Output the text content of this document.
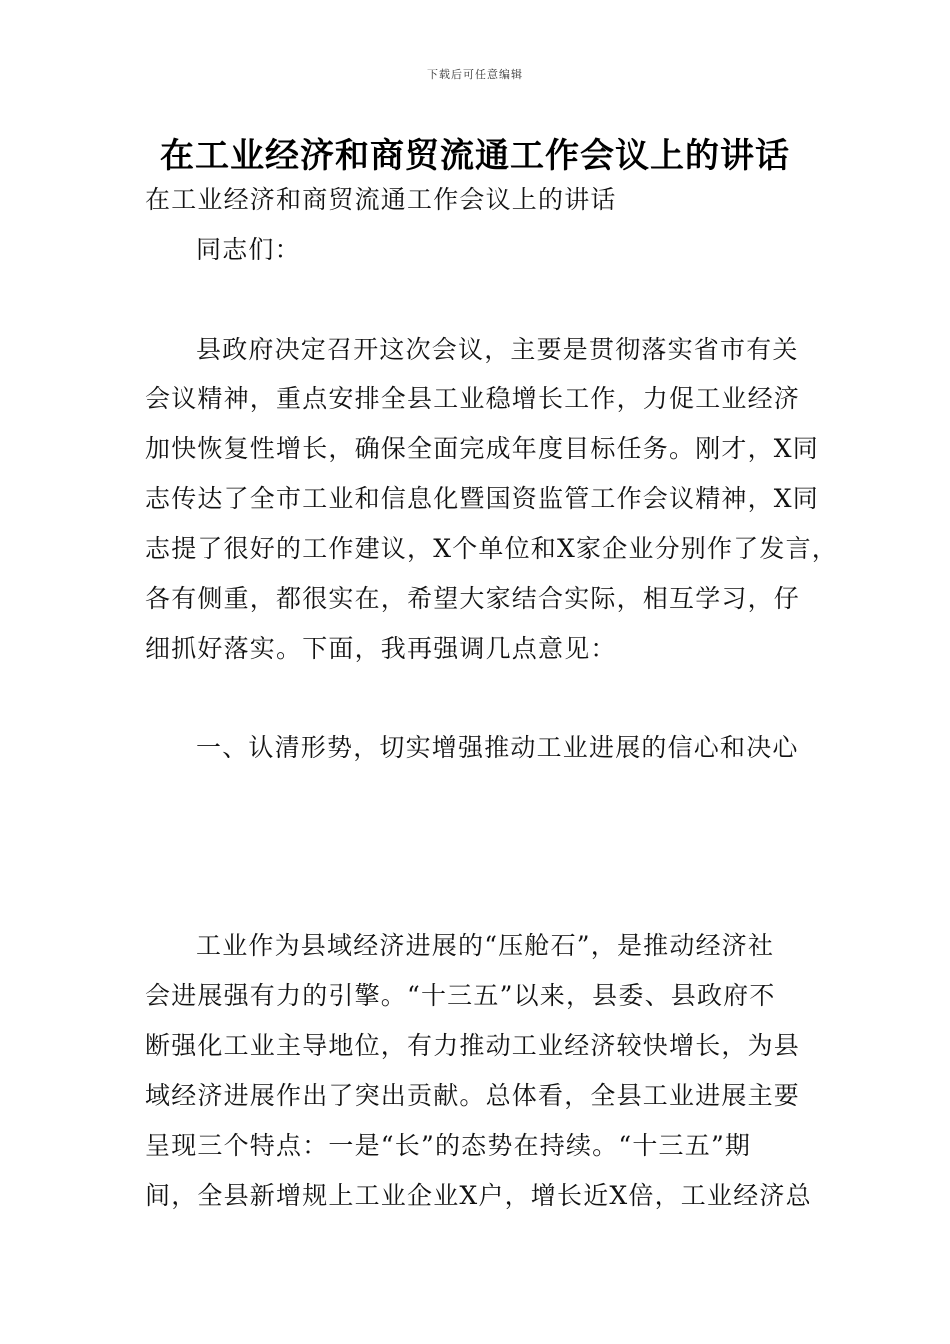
下载后可任意编辑
在工业经济和商贸流通工作会议上的讲话
在工业经济和商贸流通工作会议上的讲话
同志们：
县政府决定召开这次会议，主要是贯彻落实省市有关
会议精神，重点安排全县工业稳增长工作，力促工业经济
加快恢复性增长，确保全面完成年度目标任务。刚才，X同
志传达了全市工业和信息化暨国资监管工作会议精神，X同
志提了很好的工作建议，X个单位和X家企业分别作了发言，
各有侧重，都很实在，希望大家结合实际，相互学习，仔
细抓好落实。下面，我再强调几点意见：
一、认清形势，切实增强推动工业进展的信心和决心
工业作为县域经济进展的“压舱石”，是推动经济社
会进展强有力的引擎。“十三五”以来，县委、县政府不
断强化工业主导地位，有力推动工业经济较快增长，为县
域经济进展作出了突出贡献。总体看，全县工业进展主要
呈现三个特点：一是“长”的态势在持续。“十三五”期
间，全县新增规上工业企业X户，增长近X倍，工业经济总
